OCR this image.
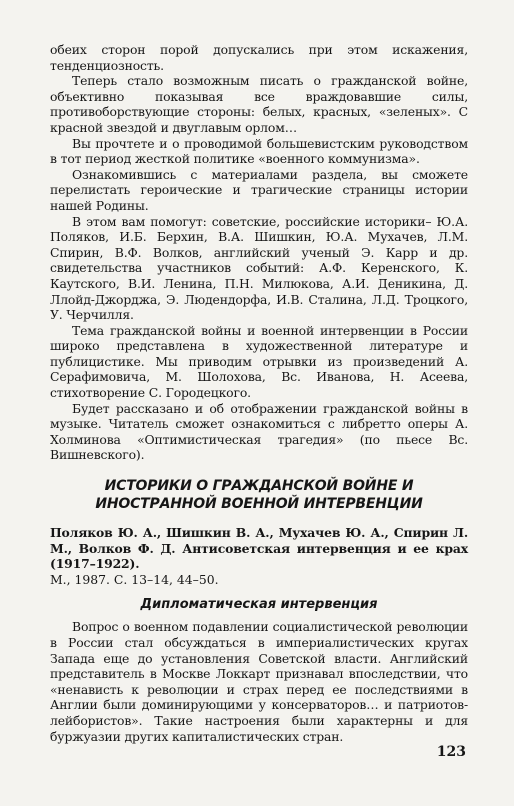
обеих сторон порой допускались при этом искажения, тенденциозность.

Теперь стало возможным писать о гражданской войне, объективно показывая все враждовавшие силы, противоборствующие стороны: белых, красных, «зеленых». С красной звездой и двуглавым орлом…

Вы прочтете и о проводимой большевистским руководством в тот период жесткой политике «военного коммунизма».

Ознакомившись с материалами раздела, вы сможете перелистать героические и трагические страницы истории нашей Родины.

В этом вам помогут: советские, российские историки– Ю.А. Поляков, И.Б. Берхин, В.А. Шишкин, Ю.А. Мухачев, Л.М. Спирин, В.Ф. Волков, английский ученый Э. Карр и др. свидетельства участников событий: А.Ф. Керенского, К. Каутского, В.И. Ленина, П.Н. Милюкова, А.И. Деникина, Д. Ллойд-Джорджа, Э. Людендорфа, И.В. Сталина, Л.Д. Троцкого, У. Черчилля.

Тема гражданской войны и военной интервенции в России широко представлена в художественной литературе и публицистике. Мы приводим отрывки из произведений А. Серафимовича, М. Шолохова, Вс. Иванова, Н. Асеева, стихотворение С. Городецкого.

Будет рассказано и об отображении гражданской войны в музыке. Читатель сможет ознакомиться с либретто оперы А. Холминова «Оптимистическая трагедия» (по пьесе Вс. Вишневского).

ИСТОРИКИ О ГРАЖДАНСКОЙ ВОЙНЕ И ИНОСТРАННОЙ ВОЕННОЙ ИНТЕРВЕНЦИИ

Поляков Ю. А., Шишкин В. А., Мухачев Ю. А., Спирин Л. М., Волков Ф. Д. Антисоветская интервенция и ее крах (1917–1922).

М., 1987. С. 13–14, 44–50.

Дипломатическая интервенция

Вопрос о военном подавлении социалистической революции в России стал обсуждаться в империалистических кругах Запада еще до установления Советской власти. Английский представитель в Москве Локкарт признавал впоследствии, что «ненависть к революции и страх перед ее последствиями в Англии были доминирующими у консерваторов… и патриотов-лейбористов». Такие настроения были характерны и для буржуазии других капиталистических стран.

123
